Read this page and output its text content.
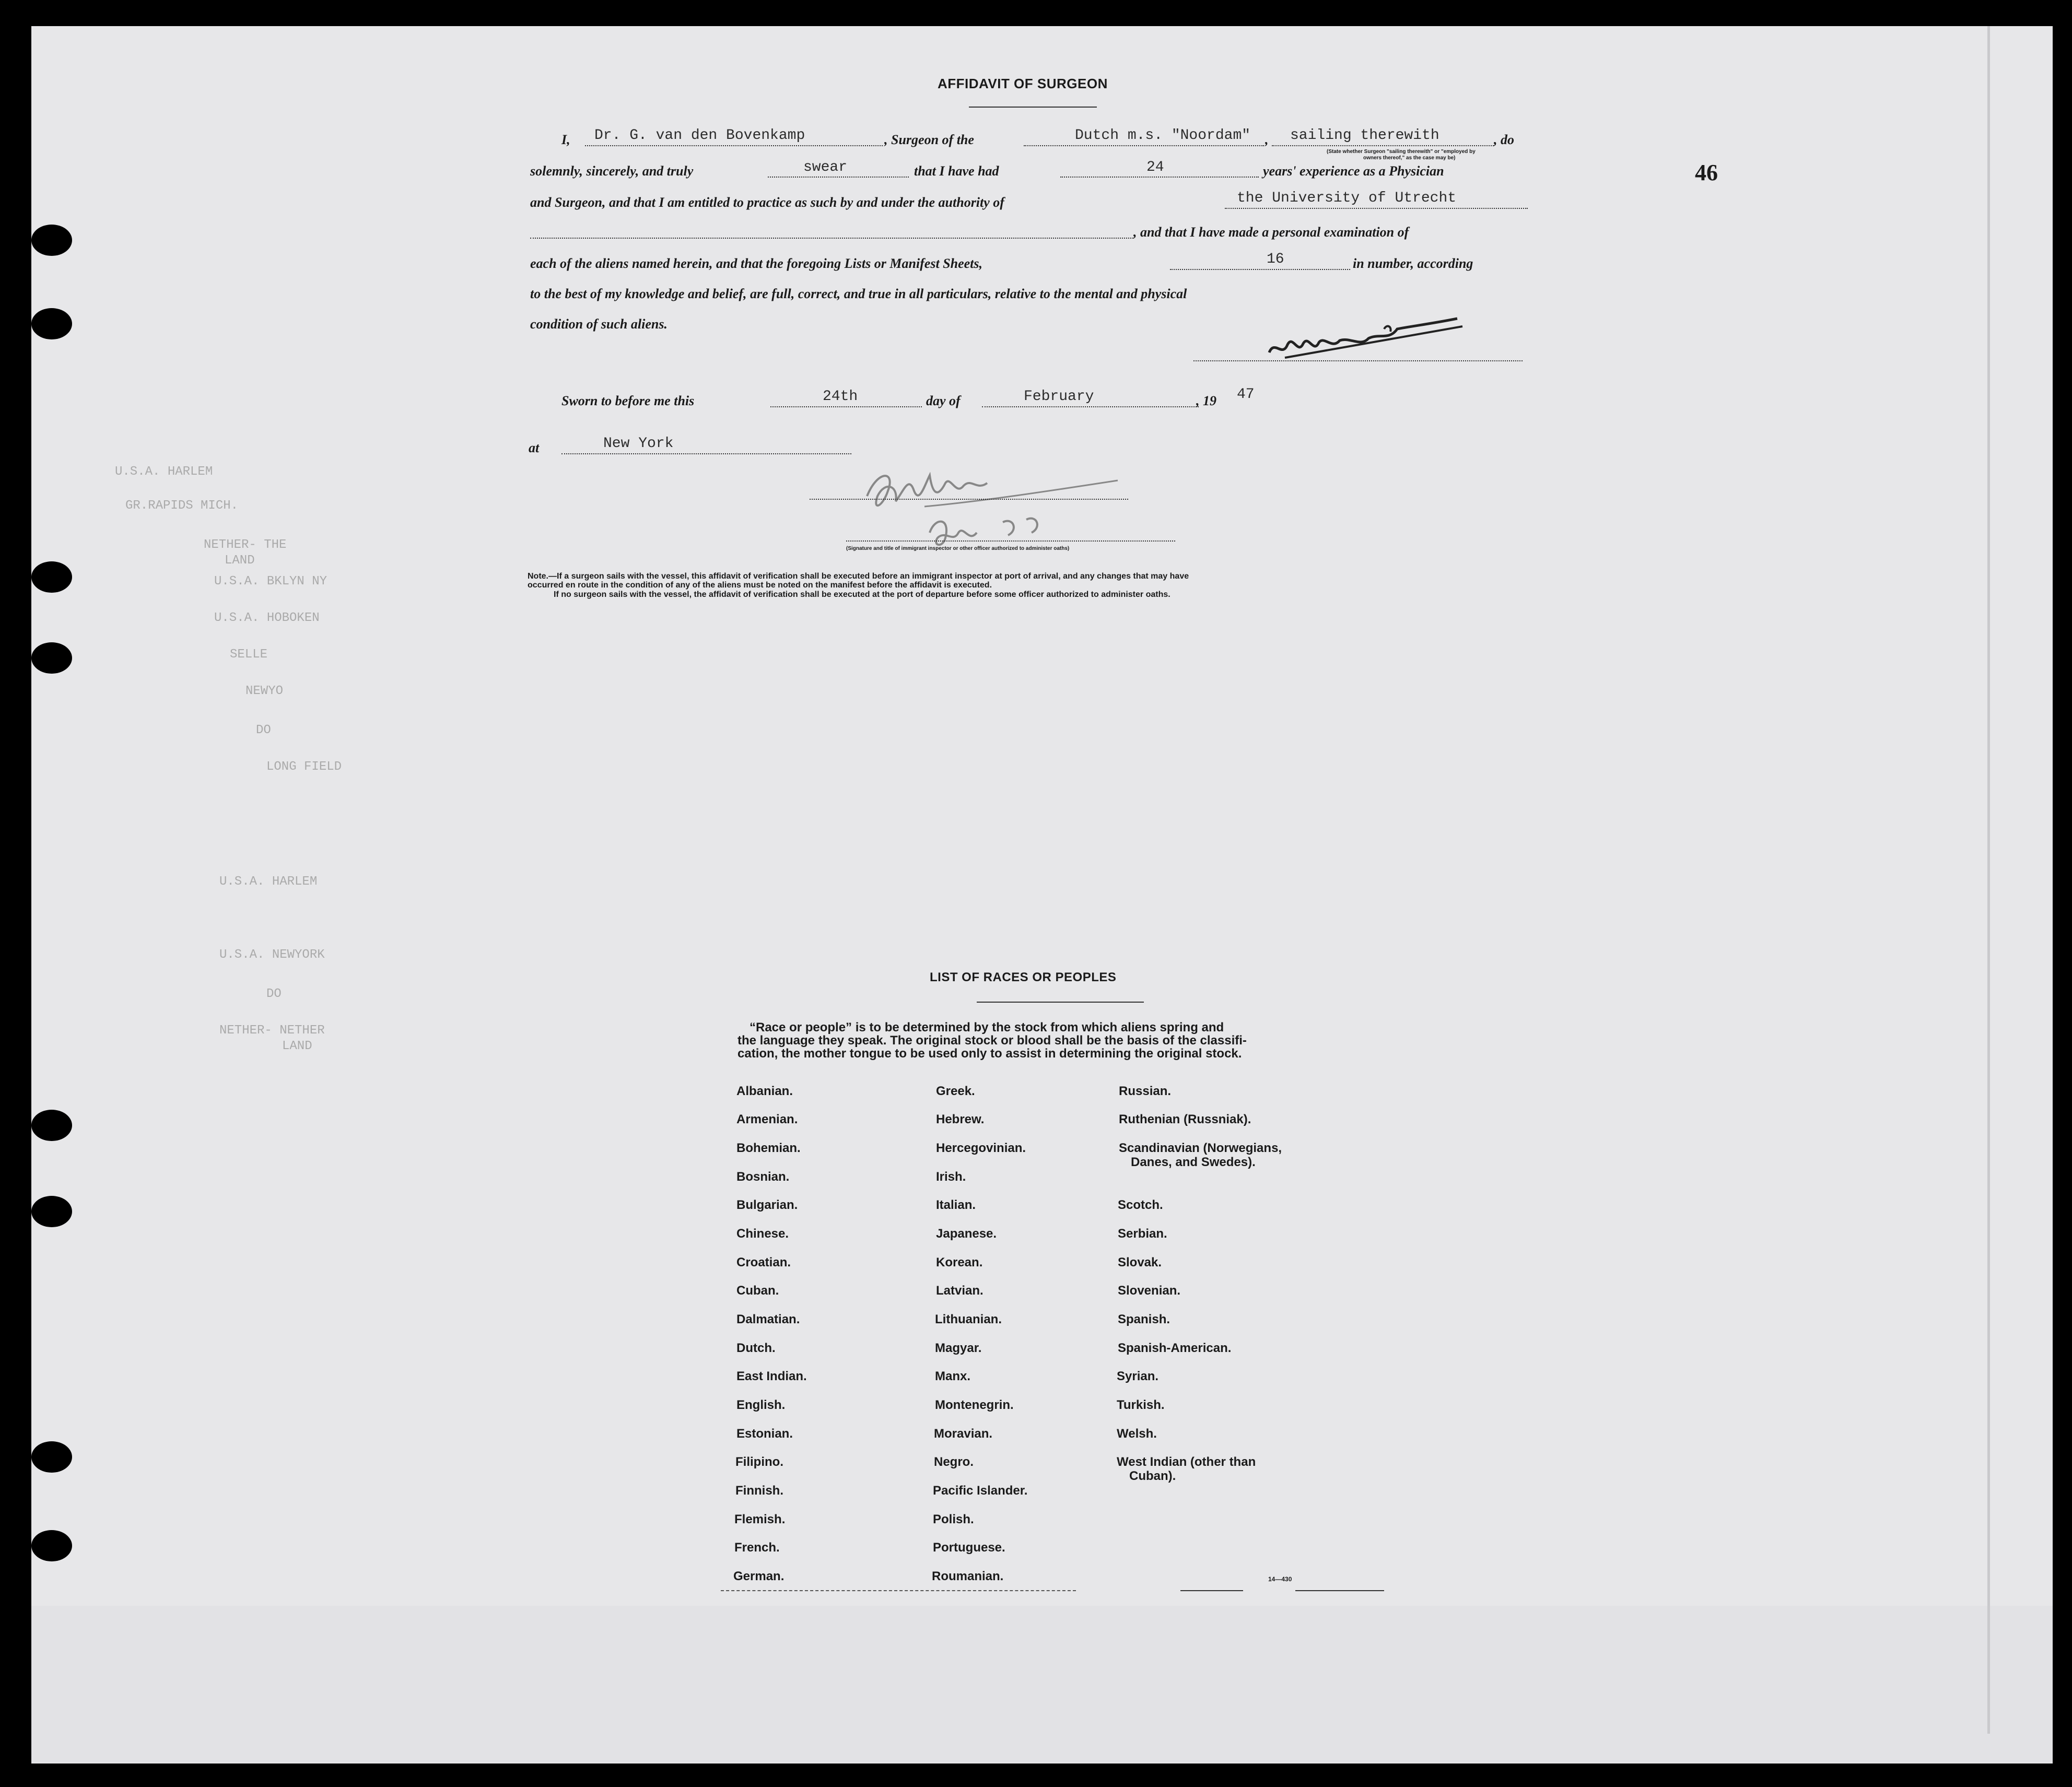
U.S.A. HARLEM
GR.RAPIDS MICH.
NETHER- THE
LAND
U.S.A. BKLYN NY
U.S.A. HOBOKEN
SELLE
NEWYO
DO
LONG FIELD
U.S.A. HARLEM
U.S.A. NEWYORK
DO
NETHER- NETHER
LAND
46
AFFIDAVIT OF SURGEON
I, Dr. G. van den Bovenkamp	, Surgeon of the	Dutch m.s. "Noordam" , sailing therewith	, do
(State whether Surgeon "sailing therewith" or "employed by
owners thereof," as the case may be)
solemnly, sincerely, and truly	swear	that I have had	24	years' experience as a Physician
and Surgeon, and that I am entitled to practice as such by and under the authority of	the University of Utrecht
, and that I have made a personal examination of
each of the aliens named herein, and that the foregoing Lists or Manifest Sheets,	16	in number, according
to the best of my knowledge and belief, are full, correct, and true in all particulars, relative to the mental and physical
condition of such aliens.
Sworn to before me this	24th	day of	February	, 19 47
at	New York
(Signature and title of immigrant inspector or other officer authorized to administer oaths)
Note.—If a surgeon sails with the vessel, this affidavit of verification shall be executed before an immigrant inspector at port of arrival, and any changes that may have
occurred en route in the condition of any of the aliens must be noted on the manifest before the affidavit is executed.
If no surgeon sails with the vessel, the affidavit of verification shall be executed at the port of departure before some officer authorized to administer oaths.
LIST OF RACES OR PEOPLES
“Race or people” is to be determined by the stock from which aliens spring and
the language they speak. The original stock or blood shall be the basis of the classifi-
cation, the mother tongue to be used only to assist in determining the original stock.
Albanian.
Armenian.
Bohemian.
Bosnian.
Bulgarian.
Chinese.
Croatian.
Cuban.
Dalmatian.
Dutch.
East Indian.
English.
Estonian.
Filipino.
Finnish.
Flemish.
French.
German.
Greek.
Hebrew.
Hercegovinian.
Irish.
Italian.
Japanese.
Korean.
Latvian.
Lithuanian.
Magyar.
Manx.
Montenegrin.
Moravian.
Negro.
Pacific Islander.
Polish.
Portuguese.
Roumanian.
Russian.
Ruthenian (Russniak).
Scandinavian (Norwegians,
Danes, and Swedes).
Scotch.
Serbian.
Slovak.
Slovenian.
Spanish.
Spanish-American.
Syrian.
Turkish.
Welsh.
West Indian (other than
Cuban).
14—430
